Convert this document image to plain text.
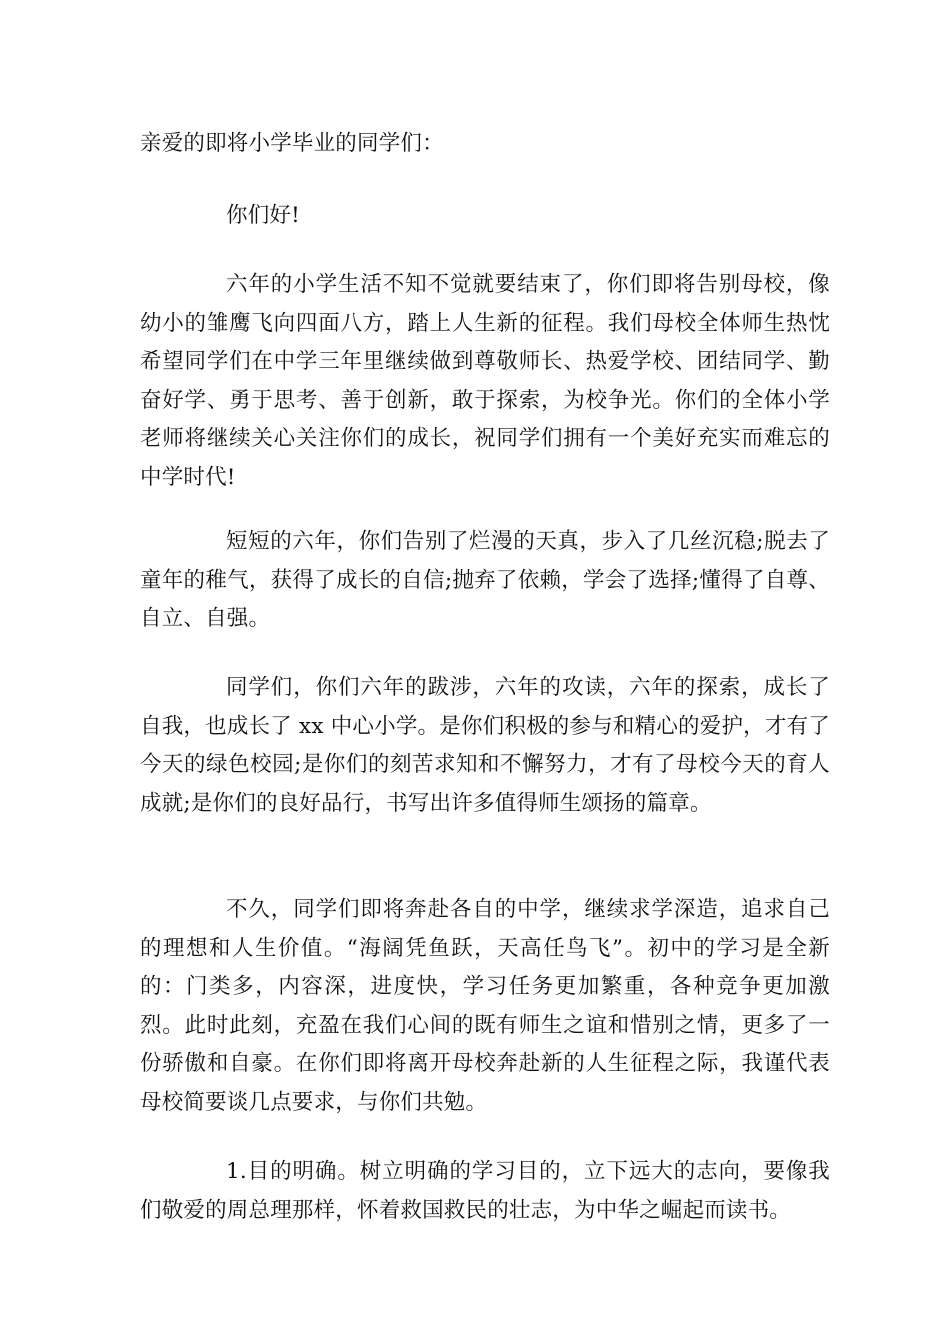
亲爱的即将小学毕业的同学们：

你们好!

六年的小学生活不知不觉就要结束了，你们即将告别母校，像幼小的雏鹰飞向四面八方，踏上人生新的征程。我们母校全体师生热忱希望同学们在中学三年里继续做到尊敬师长、热爱学校、团结同学、勤奋好学、勇于思考、善于创新，敢于探索，为校争光。你们的全体小学老师将继续关心关注你们的成长，祝同学们拥有一个美好充实而难忘的中学时代!

短短的六年，你们告别了烂漫的天真，步入了几丝沉稳;脱去了童年的稚气，获得了成长的自信;抛弃了依赖，学会了选择;懂得了自尊、自立、自强。

同学们，你们六年的跋涉，六年的攻读，六年的探索，成长了自我，也成长了 xx 中心小学。是你们积极的参与和精心的爱护，才有了今天的绿色校园;是你们的刻苦求知和不懈努力，才有了母校今天的育人成就;是你们的良好品行，书写出许多值得师生颂扬的篇章。

不久，同学们即将奔赴各自的中学，继续求学深造，追求自己的理想和人生价值。“海阔凭鱼跃，天高任鸟飞”。初中的学习是全新的：门类多，内容深，进度快，学习任务更加繁重，各种竞争更加激烈。此时此刻，充盈在我们心间的既有师生之谊和惜别之情，更多了一份骄傲和自豪。在你们即将离开母校奔赴新的人生征程之际，我谨代表母校简要谈几点要求，与你们共勉。

1.目的明确。树立明确的学习目的，立下远大的志向，要像我们敬爱的周总理那样，怀着救国救民的壮志，为中华之崛起而读书。
